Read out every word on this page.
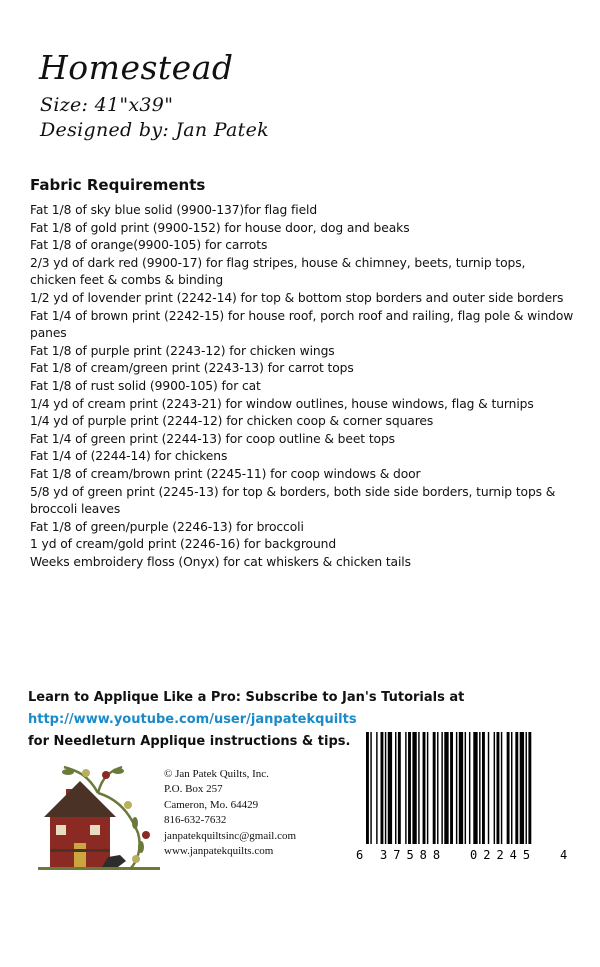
Homestead
Size: 41"x39"
Designed by: Jan Patek
Fabric Requirements
Fat 1/8 of sky blue solid (9900-137)for flag field
Fat 1/8 of gold print (9900-152) for house door, dog and beaks
Fat 1/8 of orange(9900-105) for carrots
2/3 yd of dark red (9900-17) for flag stripes, house & chimney, beets, turnip tops, chicken feet & combs & binding
1/2 yd of lovender print (2242-14) for top & bottom stop borders and outer side borders
Fat 1/4 of brown print (2242-15) for house roof, porch roof and railing, flag pole & window panes
Fat 1/8 of purple print (2243-12) for chicken wings
Fat 1/8 of cream/green print (2243-13) for carrot tops
Fat 1/8 of rust solid (9900-105) for cat
1/4 yd of cream print (2243-21) for window outlines, house windows, flag & turnips
1/4 yd of purple print (2244-12) for chicken coop & corner squares
Fat 1/4 of green print (2244-13) for coop outline & beet tops
Fat 1/4 of (2244-14) for chickens
Fat 1/8 of cream/brown print (2245-11) for coop windows & door
5/8 yd of green print (2245-13) for top & borders, both side side borders, turnip tops & broccoli leaves
Fat 1/8 of green/purple (2246-13) for broccoli
1 yd of cream/gold print (2246-16) for background
Weeks embroidery floss (Onyx) for cat whiskers & chicken tails
Learn to Applique Like a Pro: Subscribe to Jan's Tutorials at
http://www.youtube.com/user/janpatekquilts
for Needleturn Applique instructions & tips.
© Jan Patek Quilts, Inc.
P.O. Box 257
Cameron, Mo. 64429
816-632-7632
janpatekquiltsinc@gmail.com
www.janpatekquilts.com	6 37588 02245 4
